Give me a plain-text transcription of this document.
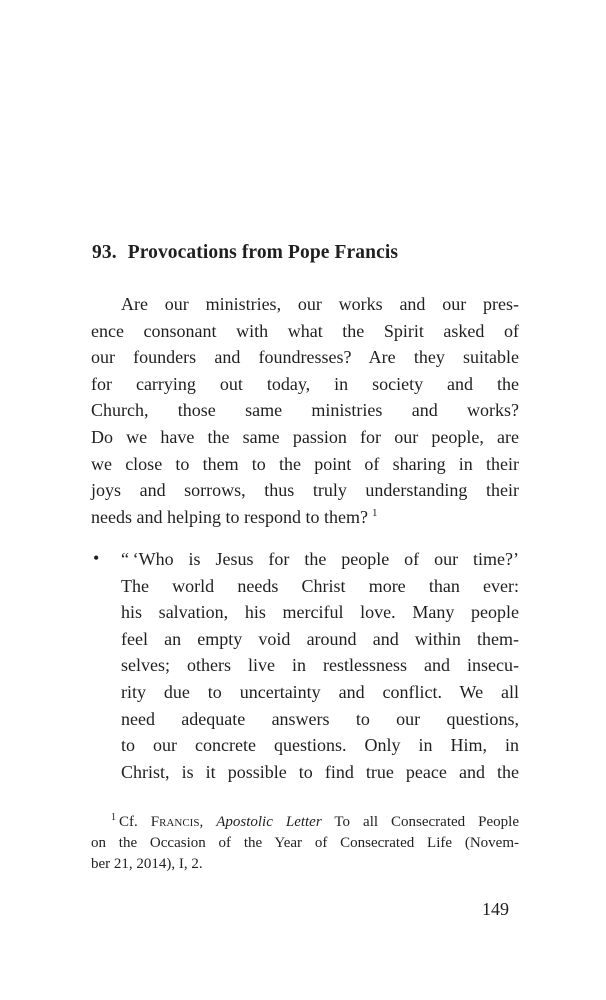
93. Provocations from Pope Francis
Are our ministries, our works and our pres-
ence consonant with what the Spirit asked of
our founders and foundresses? Are they suitable
for carrying out today, in society and the
Church, those same ministries and works?
Do we have the same passion for our people, are
we close to them to the point of sharing in their
joys and sorrows, thus truly understanding their
needs and helping to respond to them? $^1$
• “ ‘Who is Jesus for the people of our time?’
The world needs Christ more than ever:
his salvation, his merciful love. Many people
feel an empty void around and within them-
selves; others live in restlessness and insecu-
rity due to uncertainty and conflict. We all
need adequate answers to our questions,
to our concrete questions. Only in Him, in
Christ, is it possible to find true peace and the
$^1$ Cf. Francis, Apostolic Letter To all Consecrated People
on the Occasion of the Year of Consecrated Life (Novem-
ber 21, 2014), I, 2.
149
